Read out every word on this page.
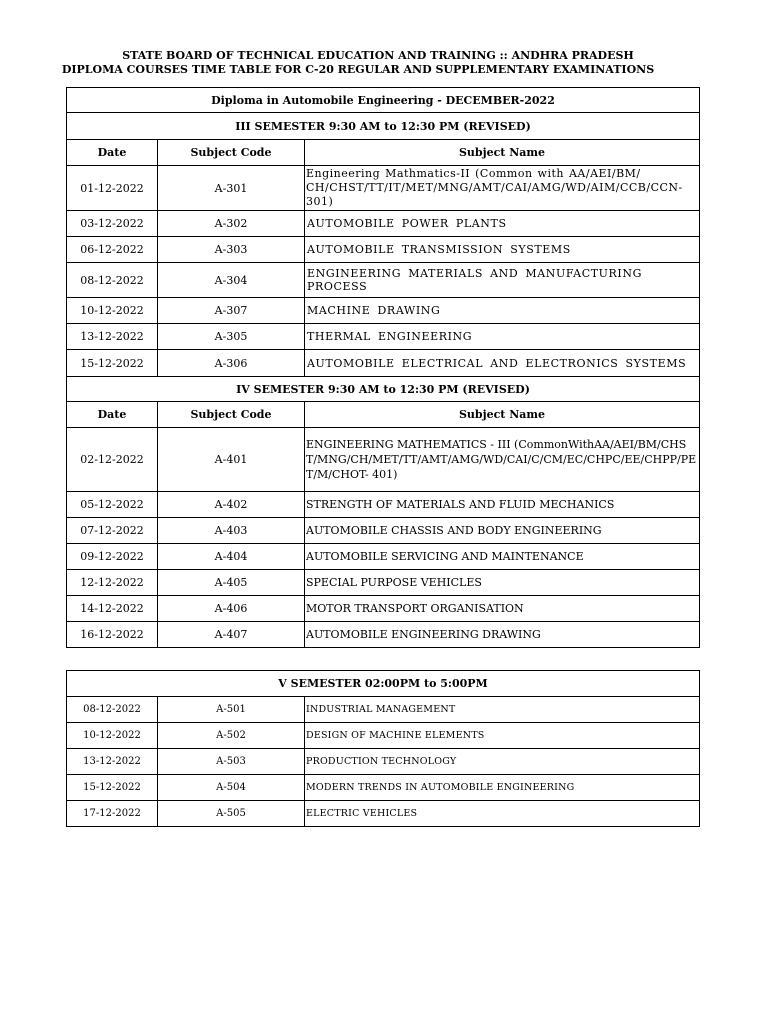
STATE BOARD OF TECHNICAL EDUCATION AND TRAINING :: ANDHRA PRADESH
DIPLOMA COURSES TIME TABLE FOR C-20 REGULAR AND SUPPLEMENTARY EXAMINATIONS
Diploma in Automobile Engineering - DECEMBER-2022		
III SEMESTER 9:30 AM to 12:30 PM (REVISED)		
Date	Subject Code	Subject Name
01-12-2022	A-301	Engineering Mathmatics-II (Common with AA/AEI/BM/ CH/CHST/TT/IT/MET/MNG/AMT/CAI/AMG/WD/AIM/CCB/CCN-301)
03-12-2022	A-302	AUTOMOBILE POWER PLANTS
06-12-2022	A-303	AUTOMOBILE TRANSMISSION SYSTEMS
08-12-2022	A-304	ENGINEERING MATERIALS AND MANUFACTURING PROCESS
10-12-2022	A-307	MACHINE DRAWING
13-12-2022	A-305	THERMAL ENGINEERING
15-12-2022	A-306	AUTOMOBILE ELECTRICAL AND ELECTRONICS SYSTEMS
IV SEMESTER 9:30 AM to 12:30 PM (REVISED)		
Date	Subject Code	Subject Name
02-12-2022	A-401	ENGINEERING MATHEMATICS - III (CommonWithAA/AEI/BM/CHST/MNG/CH/MET/TT/AMT/AMG/WD/CAI/C/CM/EC/CHPC/EE/CHPP/PET/M/CHOT- 401)
05-12-2022	A-402	STRENGTH OF MATERIALS AND FLUID MECHANICS
07-12-2022	A-403	AUTOMOBILE CHASSIS AND BODY ENGINEERING
09-12-2022	A-404	AUTOMOBILE SERVICING AND MAINTENANCE
12-12-2022	A-405	SPECIAL PURPOSE VEHICLES
14-12-2022	A-406	MOTOR TRANSPORT ORGANISATION
16-12-2022	A-407	AUTOMOBILE ENGINEERING DRAWING
V SEMESTER 02:00PM to 5:00PM		
08-12-2022	A-501	INDUSTRIAL MANAGEMENT
10-12-2022	A-502	DESIGN OF MACHINE ELEMENTS
13-12-2022	A-503	PRODUCTION TECHNOLOGY
15-12-2022	A-504	MODERN TRENDS IN AUTOMOBILE ENGINEERING
17-12-2022	A-505	ELECTRIC VEHICLES
